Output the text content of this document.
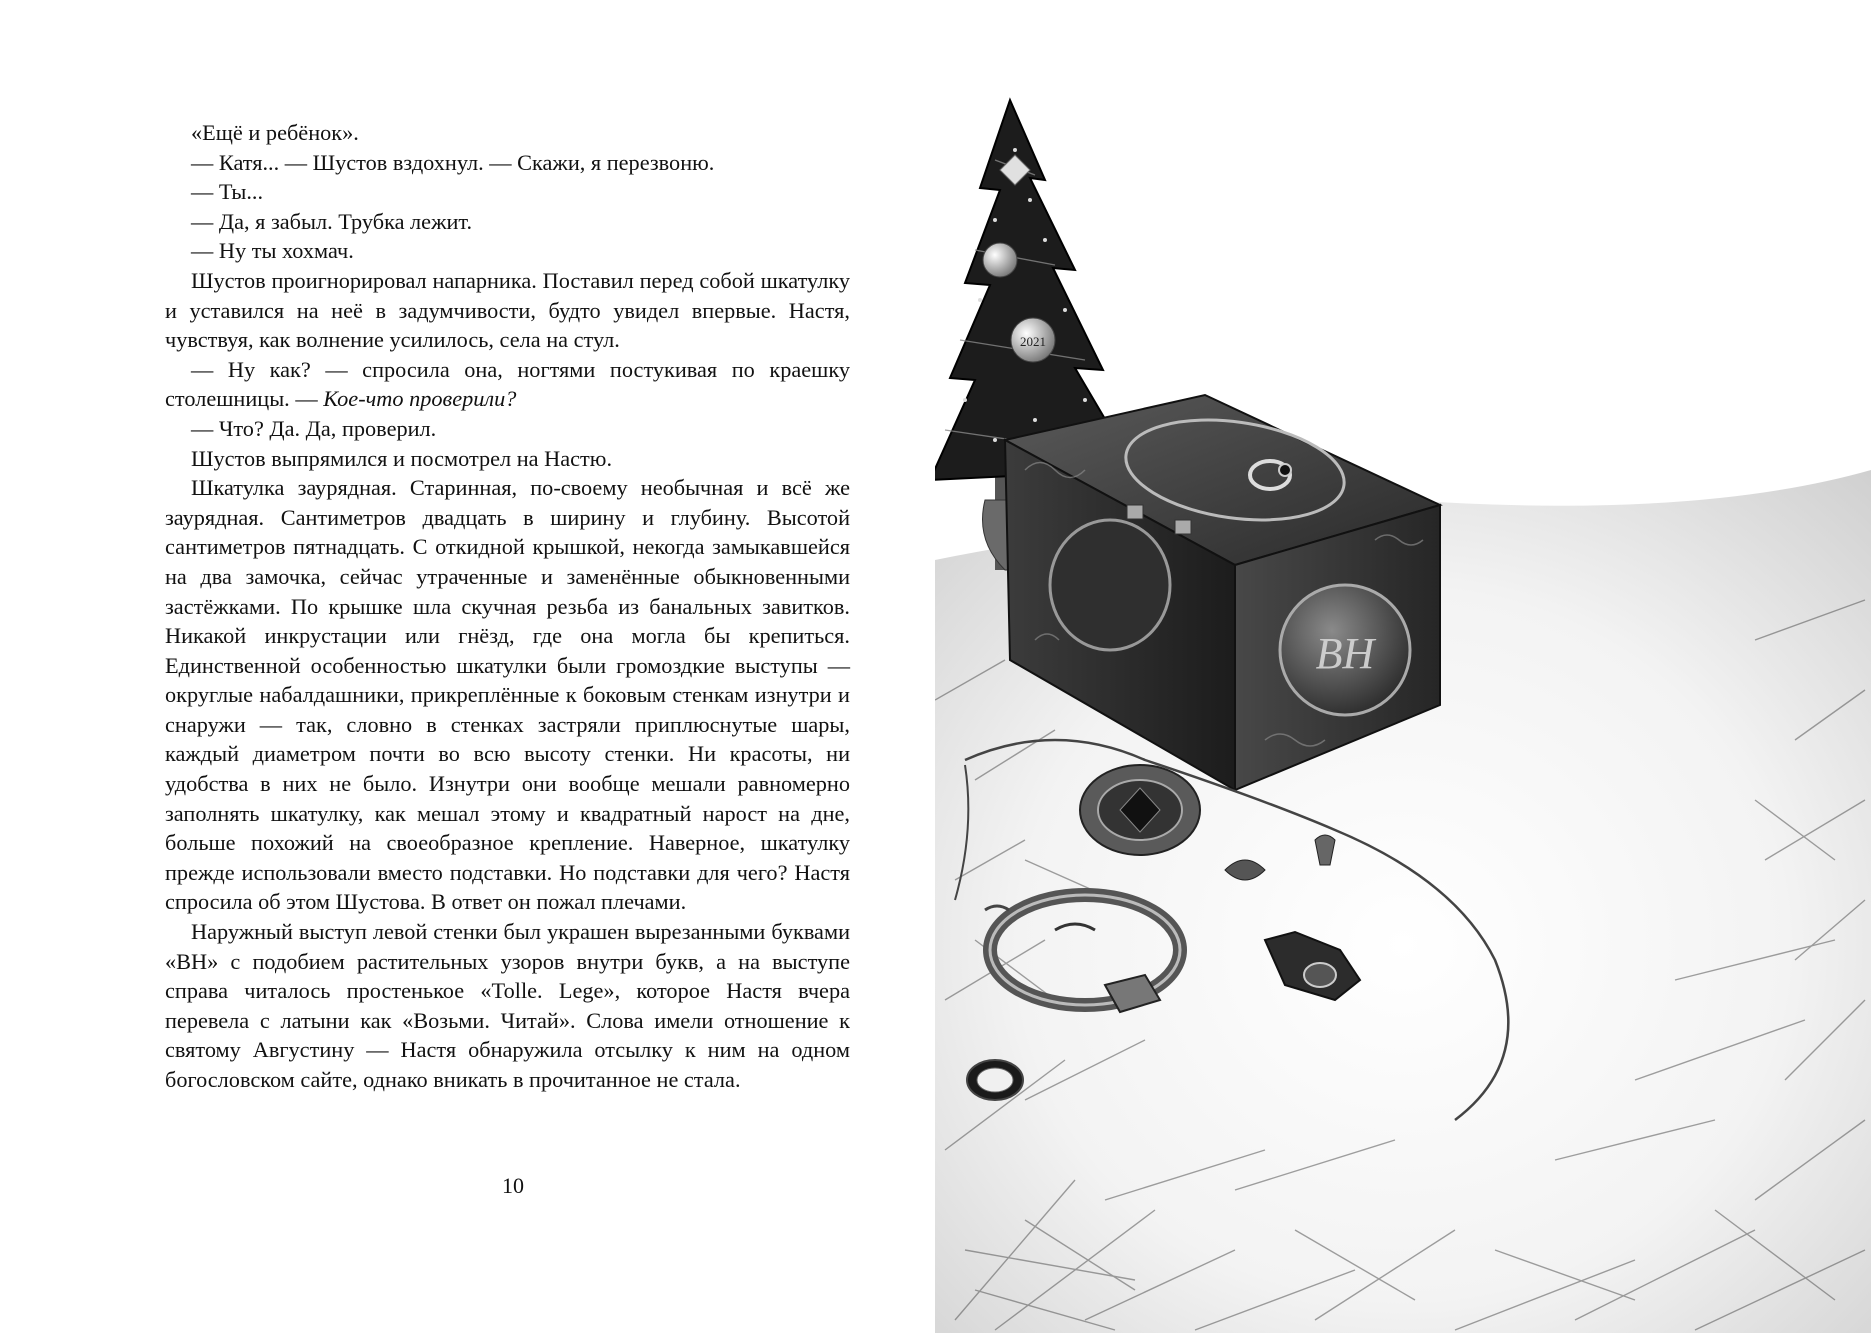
«Ещё и ребёнок».

— Катя... — Шустов вздохнул. — Скажи, я перезвоню.

— Ты...

— Да, я забыл. Трубка лежит.

— Ну ты хохмач.

Шустов проигнорировал напарника. Поставил перед собой шкатулку и уставился на неё в задумчивости, будто увидел впервые. Настя, чувствуя, как волнение усилилось, села на стул.

— Ну как? — спросила она, ногтями постукивая по краешку столешницы. — Кое-что проверили?

— Что? Да. Да, проверил.

Шустов выпрямился и посмотрел на Настю.

Шкатулка заурядная. Старинная, по-своему необычная и всё же заурядная. Сантиметров двадцать в ширину и глубину. Высотой сантиметров пятнадцать. С откидной крышкой, некогда замыкавшейся на два замочка, сейчас утраченные и заменённые обыкновенными застёжками. По крышке шла скучная резьба из банальных завитков. Никакой инкрустации или гнёзд, где она могла бы крепиться. Единственной особенностью шкатулки были громоздкие выступы — округлые набалдашники, прикреплённые к боковым стенкам изнутри и снаружи — так, словно в стенках застряли приплюснутые шары, каждый диаметром почти во всю высоту стенки. Ни красоты, ни удобства в них не было. Изнутри они вообще мешали равномерно заполнять шкатулку, как мешал этому и квадратный нарост на дне, больше похожий на своеобразное крепление. Наверное, шкатулку прежде использовали вместо подставки. Но подставки для чего? Настя спросила об этом Шустова. В ответ он пожал плечами.

Наружный выступ левой стенки был украшен вырезанными буквами «ВН» с подобием растительных узоров внутри букв, а на выступе справа читалось простенькое «Tolle. Lege», которое Настя вчера перевела с латыни как «Возьми. Читай». Слова имели отношение к святому Августину — Настя обнаружила отсылку к ним на одном богословском сайте, однако вникать в прочитанное не стала.

10
2021
BH
